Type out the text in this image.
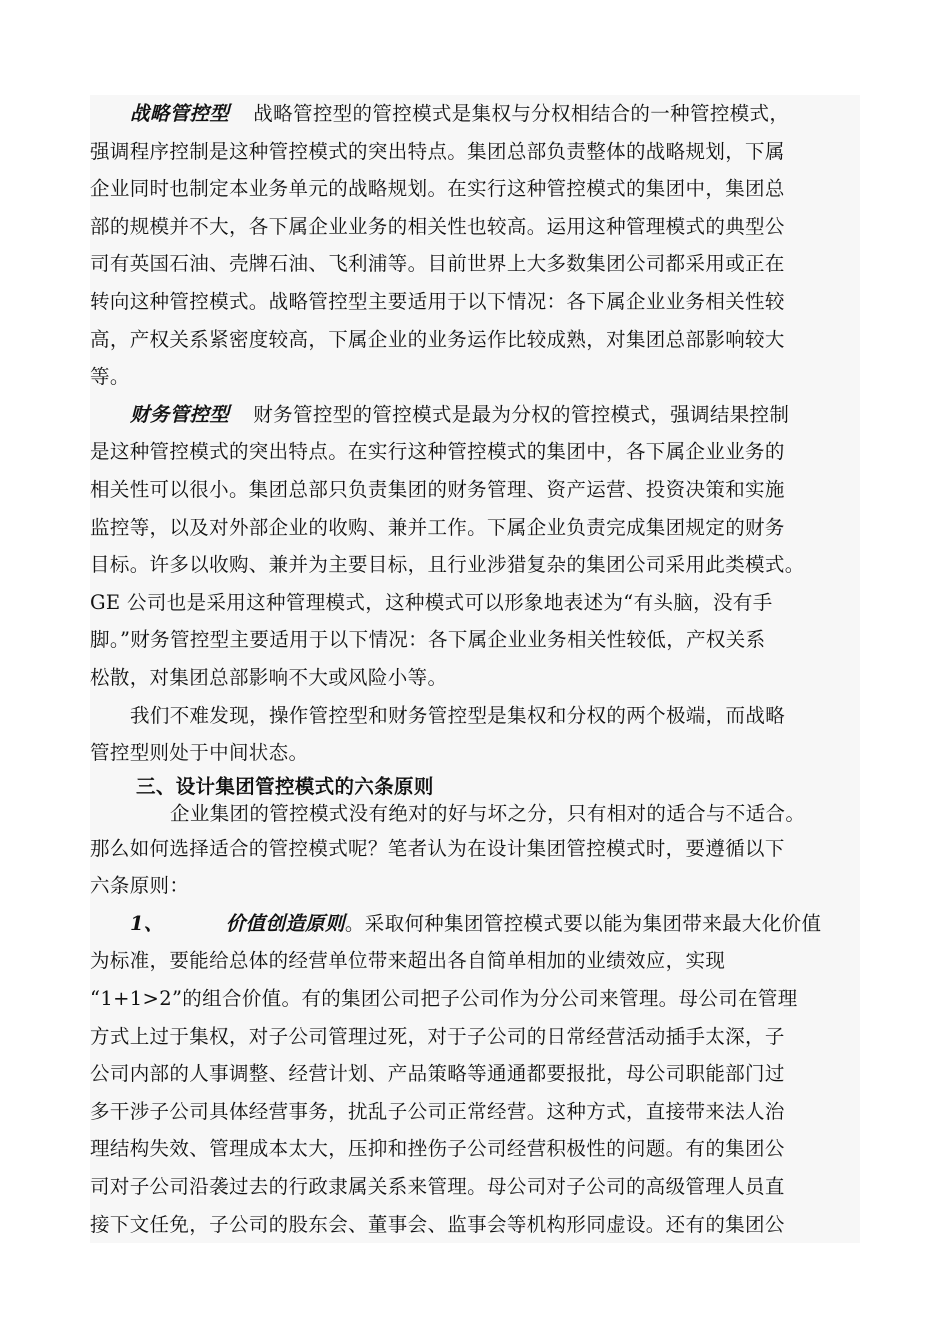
战略管控型 战略管控型的管控模式是集权与分权相结合的一种管控模式，
强调程序控制是这种管控模式的突出特点。集团总部负责整体的战略规划，下属
企业同时也制定本业务单元的战略规划。在实行这种管控模式的集团中，集团总
部的规模并不大，各下属企业业务的相关性也较高。运用这种管理模式的典型公
司有英国石油、壳牌石油、飞利浦等。目前世界上大多数集团公司都采用或正在
转向这种管控模式。战略管控型主要适用于以下情况：各下属企业业务相关性较
高，产权关系紧密度较高，下属企业的业务运作比较成熟，对集团总部影响较大
等。
财务管控型 财务管控型的管控模式是最为分权的管控模式，强调结果控制
是这种管控模式的突出特点。在实行这种管控模式的集团中，各下属企业业务的
相关性可以很小。集团总部只负责集团的财务管理、资产运营、投资决策和实施
监控等，以及对外部企业的收购、兼并工作。下属企业负责完成集团规定的财务
目标。许多以收购、兼并为主要目标，且行业涉猎复杂的集团公司采用此类模式。
GE 公司也是采用这种管理模式，这种模式可以形象地表述为“有头脑，没有手
脚。”财务管控型主要适用于以下情况：各下属企业业务相关性较低，产权关系
松散，对集团总部影响不大或风险小等。
我们不难发现，操作管控型和财务管控型是集权和分权的两个极端，而战略
管控型则处于中间状态。
三、设计集团管控模式的六条原则
企业集团的管控模式没有绝对的好与坏之分，只有相对的适合与不适合。
那么如何选择适合的管控模式呢？笔者认为在设计集团管控模式时，要遵循以下
六条原则：
1、	价值创造原则。采取何种集团管控模式要以能为集团带来最大化价值
为标准，要能给总体的经营单位带来超出各自简单相加的业绩效应，实现
“1+1>2”的组合价值。有的集团公司把子公司作为分公司来管理。母公司在管理
方式上过于集权，对子公司管理过死，对于子公司的日常经营活动插手太深，子
公司内部的人事调整、经营计划、产品策略等通通都要报批，母公司职能部门过
多干涉子公司具体经营事务，扰乱子公司正常经营。这种方式，直接带来法人治
理结构失效、管理成本太大，压抑和挫伤子公司经营积极性的问题。有的集团公
司对子公司沿袭过去的行政隶属关系来管理。母公司对子公司的高级管理人员直
接下文任免，子公司的股东会、董事会、监事会等机构形同虚设。还有的集团公
